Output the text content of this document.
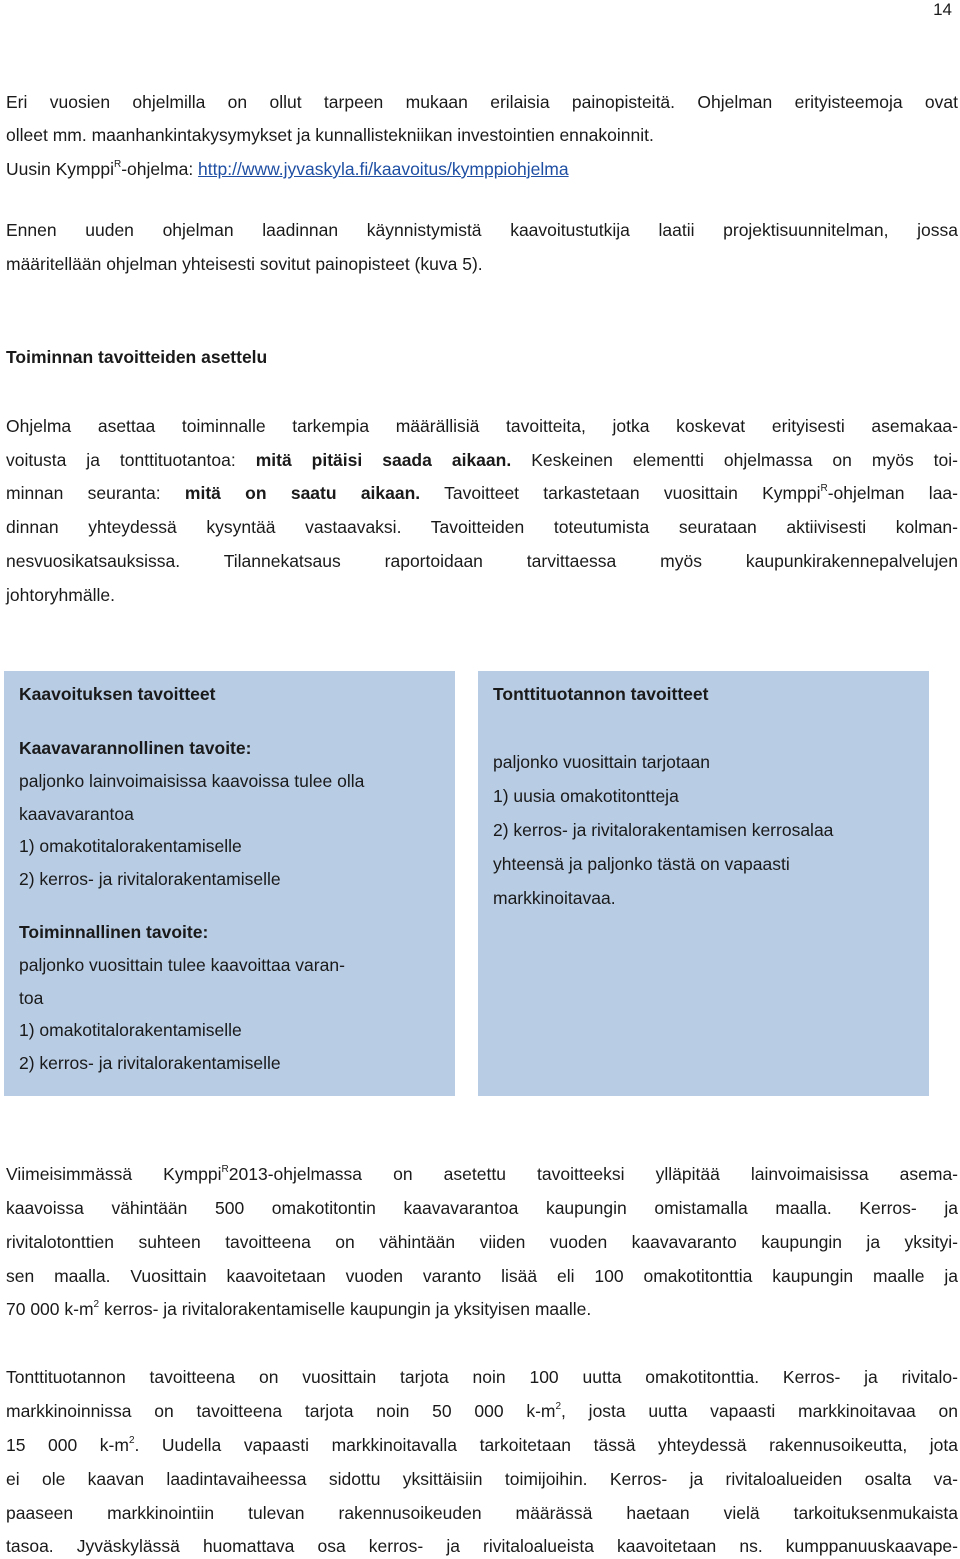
14
Eri vuosien ohjelmilla on ollut tarpeen mukaan erilaisia painopisteitä. Ohjelman erityisteemoja ovat
olleet mm. maanhankintakysymykset ja kunnallistekniikan investointien ennakoinnit.
Uusin Kymppi$^R$-ohjelma: http://www.jyvaskyla.fi/kaavoitus/kymppiohjelma
Ennen uuden ohjelman laadinnan käynnistymistä kaavoitustutkija laatii projektisuunnitelman, jossa
määritellään ohjelman yhteisesti sovitut painopisteet (kuva 5).
Toiminnan tavoitteiden asettelu
Ohjelma asettaa toiminnalle tarkempia määrällisiä tavoitteita, jotka koskevat erityisesti asemakaa-
voitusta ja tonttituotantoa: mitä pitäisi saada aikaan. Keskeinen elementti ohjelmassa on myös toi-
minnan seuranta: mitä on saatu aikaan. Tavoitteet tarkastetaan vuosittain Kymppi$^R$-ohjelman laa-
dinnan yhteydessä kysyntää vastaavaksi. Tavoitteiden toteutumista seurataan aktiivisesti kolman-
nesvuosikatsauksissa. Tilannekatsaus raportoidaan tarvittaessa myös kaupunkirakennepalvelujen
johtoryhmälle.
Kaavoituksen tavoitteet
Kaavavarannollinen tavoite:
paljonko lainvoimaisissa kaavoissa tulee olla
kaavavarantoa
1) omakotitalorakentamiselle
2) kerros- ja rivitalorakentamiselle
Toiminnallinen tavoite:
paljonko vuosittain tulee kaavoittaa varan-
toa
1) omakotitalorakentamiselle
2) kerros- ja rivitalorakentamiselle
Tonttituotannon tavoitteet
paljonko vuosittain tarjotaan
1) uusia omakotitontteja
2) kerros- ja rivitalorakentamisen kerrosalaa
yhteensä ja paljonko tästä on vapaasti
markkinoitavaa.
Viimeisimmässä Kymppi$^R$2013-ohjelmassa on asetettu tavoitteeksi ylläpitää lainvoimaisissa asema-
kaavoissa vähintään 500 omakotitontin kaavavarantoa kaupungin omistamalla maalla. Kerros- ja
rivitalotonttien suhteen tavoitteena on vähintään viiden vuoden kaavavaranto kaupungin ja yksityi-
sen maalla. Vuosittain kaavoitetaan vuoden varanto lisää eli 100 omakotitonttia kaupungin maalle ja
70 000 $k-m^2$ kerros- ja rivitalorakentamiselle kaupungin ja yksityisen maalle.
Tonttituotannon tavoitteena on vuosittain tarjota noin 100 uutta omakotitonttia. Kerros- ja rivitalo-
markkinoinnissa on tavoitteena tarjota noin 50 000 $k-m^2$, josta uutta vapaasti markkinoitavaa on
15 000 $k-m^2$. Uudella vapaasti markkinoitavalla tarkoitetaan tässä yhteydessä rakennusoikeutta, jota
ei ole kaavan laadintavaiheessa sidottu yksittäisiin toimijoihin. Kerros- ja rivitaloalueiden osalta va-
paaseen markkinointiin tulevan rakennusoikeuden määrässä haetaan vielä tarkoituksenmukaista
tasoa. Jyväskylässä huomattava osa kerros- ja rivitaloalueista kaavoitetaan ns. kumppanuuskaavape-
